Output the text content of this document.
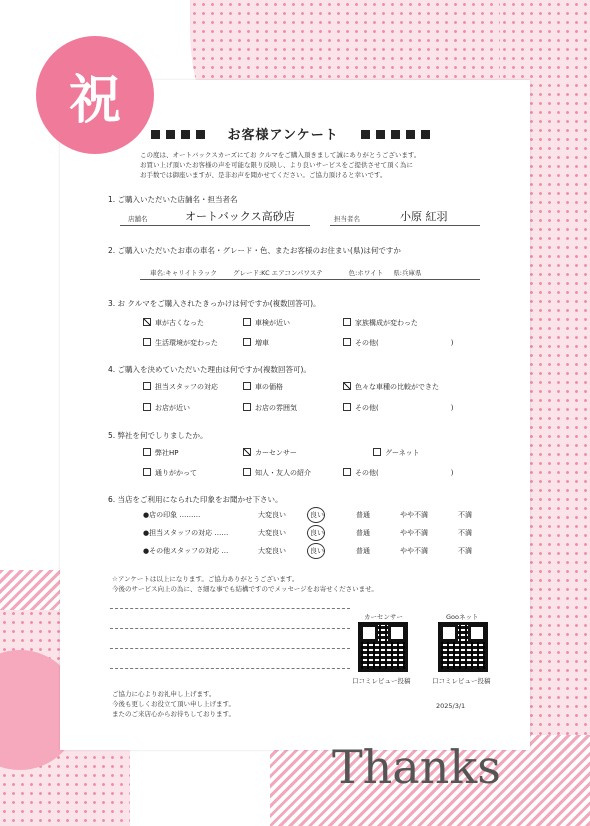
祝
お客様アンケート
この度は、オートバックスカーズにてお クルマをご購入頂きまして誠にありがとうございます。
お買い上げ頂いたお客様の声を可能な限り反映し、より良いサービスをご提供させて頂く為に
お手数では御座いますが、是非お声を聞かせてください。ご協力頂けると幸いです。
1. ご購入いただいた店舗名・担当者名
店舗名	オートバックス高砂店	担当者名	小原 紅羽
2. ご購入いただいたお車の車名・グレード・色、またお客様のお住まい(県)は何ですか
車名:キャリイトラック グレード:KC エアコンパワステ	色:ホワイト 県:兵庫県
3. お クルマをご購入されたきっかけは何ですか(複数回答可)。
車が古くなった	車検が近い	家族構成が変わった
生活環境が変わった	増車	その他(	)
4. ご購入を決めていただいた理由は何ですか(複数回答可)。
担当スタッフの対応	車の価格	色々な車種の比較ができた
お店が近い	お店の雰囲気	その他(	)
5. 弊社を何でしりましたか。
弊社HP	カーセンサー	グーネット
通りがかって	知人・友人の紹介	その他(	)
6. 当店をご利用になられた印象をお聞かせ下さい。
●店の印象 ………	大変良い	良い	普通	やや不満	不満
●担当スタッフの対応 ……	大変良い	良い	普通	やや不満	不満
●その他スタッフの対応 …	大変良い	良い	普通	やや不満	不満
☆アンケートは以上になります。ご協力ありがとうございます。
今後のサービス向上の為に、さ細な事でも結構ですのでメッセージをお寄せくださいませ。
カーセンサー
口コミレビュー投稿
Gooネット
口コミレビュー投稿
ご協力に心よりお礼申し上げます。
今後も更しくお役立て頂い申し上げます。
またのご来店心からお待ちしております。
2025/3/1
Thanks
